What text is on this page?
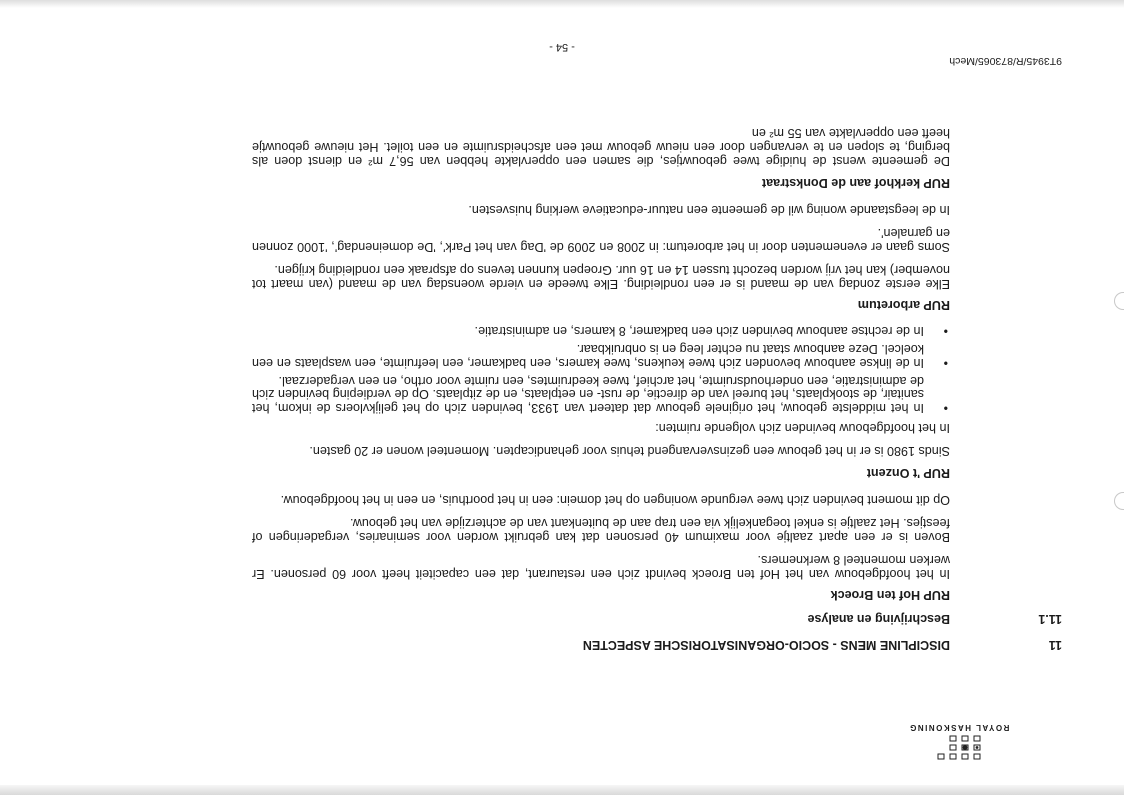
ROYAL HASKONING
11
DISCIPLINE MENS - SOCIO-ORGANISATORISCHE ASPECTEN
11.1
Beschrijving en analyse
RUP Hof ten Broeck

In het hoofdgebouw van het Hof ten Broeck bevindt zich een restaurant, dat een capaciteit heeft voor 60 personen. Er werken momenteel 8 werknemers.

Boven is er een apart zaaltje voor maximum 40 personen dat kan gebruikt worden voor seminaries, vergaderingen of feestjes. Het zaaltje is enkel toegankelijk via een trap aan de buitenkant van de achterzijde van het gebouw.

Op dit moment bevinden zich twee vergunde woningen op het domein: een in het poorthuis, en een in het hoofdgebouw.

RUP 't Onzent

Sinds 1980 is er in het gebouw een gezinsvervangend tehuis voor gehandicapten. Momenteel wonen er 20 gasten.

In het hoofdgebouw bevinden zich volgende ruimten:

• In het middelste gebouw, het originele gebouw dat dateert van 1933, bevinden zich op het gelijkvloers de inkom, het sanitair, de stookplaats, het bureel van de directie, de rust- en eetplaats, en de zitplaats. Op de verdieping bevinden zich de administratie, een onderhoudsruimte, het archief, twee keedruimtes, een ruimte voor ortho, en een vergaderzaal.
• In de linkse aanbouw bevonden zich twee keukens, twee kamers, een badkamer, een leefruimte, een wasplaats en een koelcel. Deze aanbouw staat nu echter leeg en is onbruikbaar.
• In de rechtse aanbouw bevinden zich een badkamer, 8 kamers, en administratie.
RUP arboretum

Elke eerste zondag van de maand is er een rondleiding. Elke tweede en vierde woensdag van de maand (van maart tot november) kan het vrij worden bezocht tussen 14 en 16 uur. Groepen kunnen tevens op afspraak een rondleiding krijgen.

Soms gaan er evenementen door in het arboretum: in 2008 en 2009 de 'Dag van het Park', 'De domeinendag', '1000 zonnen en garnalen'.

In de leegstaande woning wil de gemeente een natuur-educatieve werking huisvesten.

RUP kerkhof aan de Donkstraat

De gemeente wenst de huidige twee gebouwtjes, die samen een oppervlakte hebben van 56,7 m² en dienst doen als berging, te slopen en te vervangen door een nieuw gebouw met een afscheidsruimte en een toilet. Het nieuwe gebouwtje heeft een oppervlakte van 55 m² en

9T3945/R/873065/Mech
- 54 -
